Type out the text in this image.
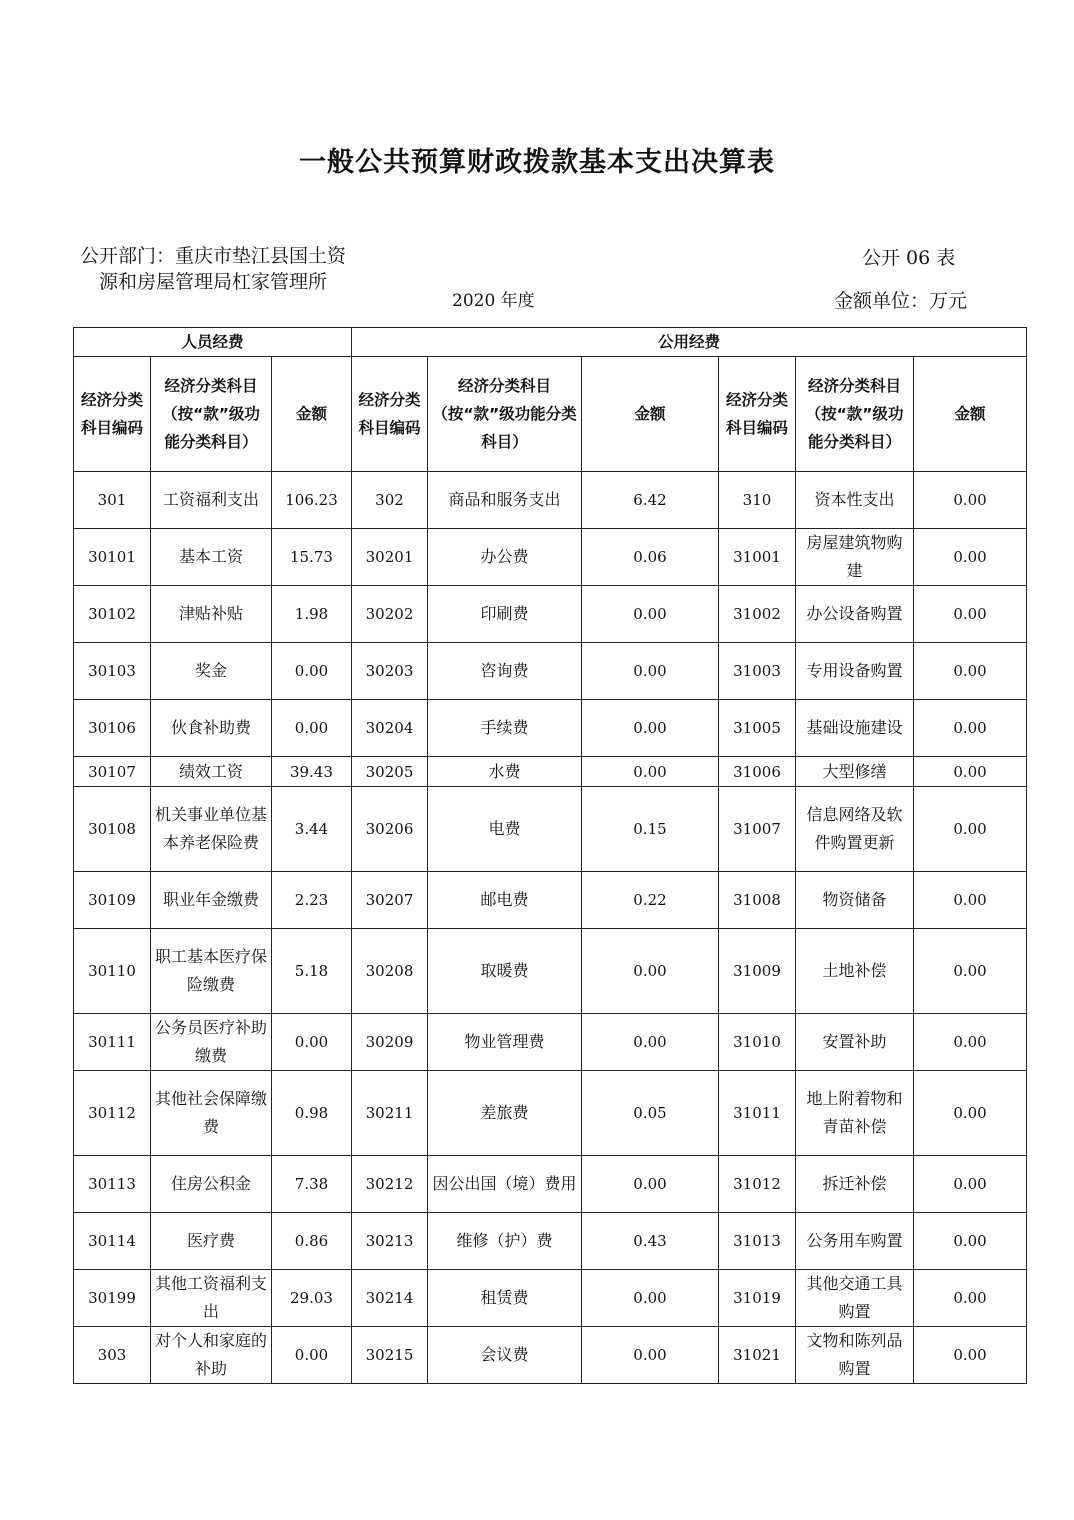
一般公共预算财政拨款基本支出决算表
公开部门：重庆市垫江县国土资源和房屋管理局杠家管理所
2020 年度
公开 06 表
金额单位：万元
人员经费			公用经费					
经济分类科目编码	经济分类科目（按“款”级功能分类科目）	金额	经济分类科目编码	经济分类科目（按“款”级功能分类科目）	金额	经济分类科目编码	经济分类科目（按“款”级功能分类科目）	金额
301	工资福利支出	106.23	302	商品和服务支出	6.42	310	资本性支出	0.00
30101	基本工资	15.73	30201	办公费	0.06	31001	房屋建筑物购建	0.00
30102	津贴补贴	1.98	30202	印刷费	0.00	31002	办公设备购置	0.00
30103	奖金	0.00	30203	咨询费	0.00	31003	专用设备购置	0.00
30106	伙食补助费	0.00	30204	手续费	0.00	31005	基础设施建设	0.00
30107	绩效工资	39.43	30205	水费	0.00	31006	大型修缮	0.00
30108	机关事业单位基本养老保险费	3.44	30206	电费	0.15	31007	信息网络及软件购置更新	0.00
30109	职业年金缴费	2.23	30207	邮电费	0.22	31008	物资储备	0.00
30110	职工基本医疗保险缴费	5.18	30208	取暖费	0.00	31009	土地补偿	0.00
30111	公务员医疗补助缴费	0.00	30209	物业管理费	0.00	31010	安置补助	0.00
30112	其他社会保障缴费	0.98	30211	差旅费	0.05	31011	地上附着物和青苗补偿	0.00
30113	住房公积金	7.38	30212	因公出国（境）费用	0.00	31012	拆迁补偿	0.00
30114	医疗费	0.86	30213	维修（护）费	0.43	31013	公务用车购置	0.00
30199	其他工资福利支出	29.03	30214	租赁费	0.00	31019	其他交通工具购置	0.00
303	对个人和家庭的补助	0.00	30215	会议费	0.00	31021	文物和陈列品购置	0.00
